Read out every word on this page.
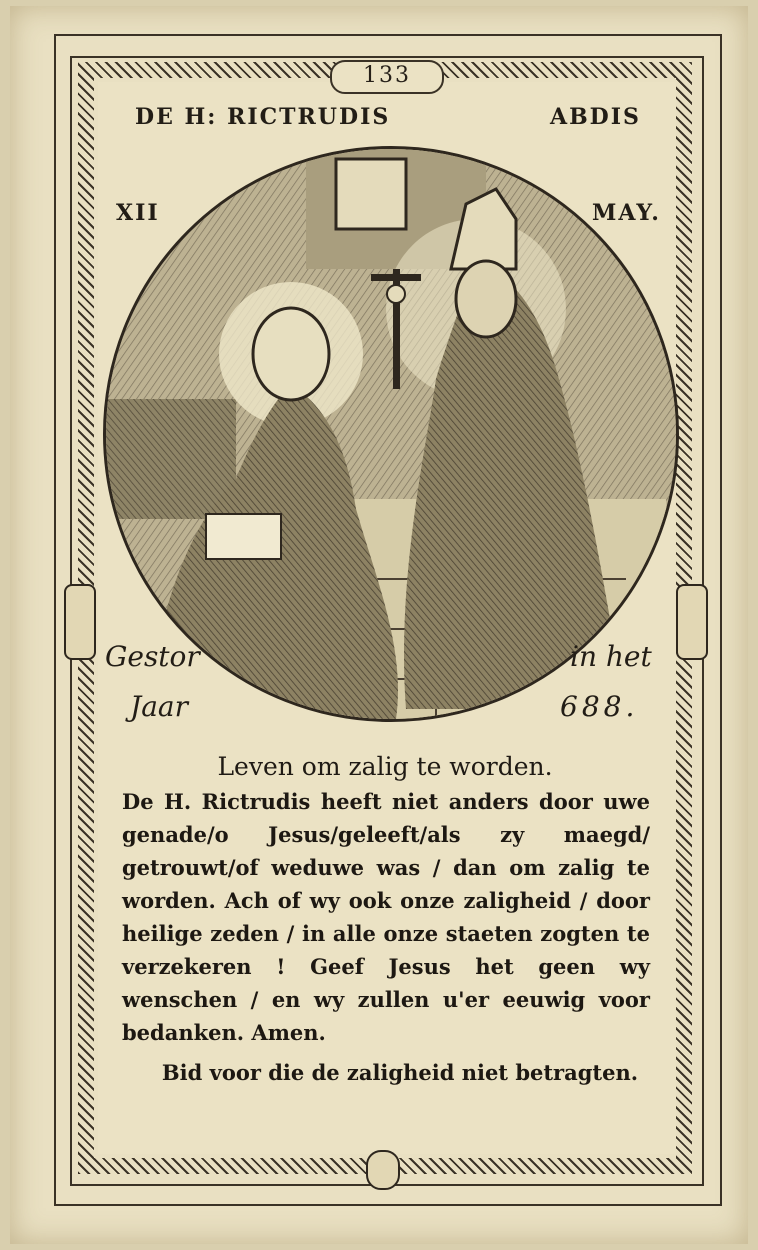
133
DE H: RICTRUDIS	ABDIS
XII	MAY.
Gestor
Jaar
in het
688.
Leven om zalig te worden.

De H. Rictrudis heeft niet anders door uwe genade/o Jesus/geleeft/als zy maegd/ getrouwt/of weduwe was / dan om zalig te worden. Ach of wy ook onze zaligheid / door heilige zeden / in alle onze staeten zogten te verzekeren ! Geef Jesus het geen wy wenschen / en wy zullen u'er eeuwig voor bedanken. Amen.

Bid voor die de zaligheid niet betragten.
